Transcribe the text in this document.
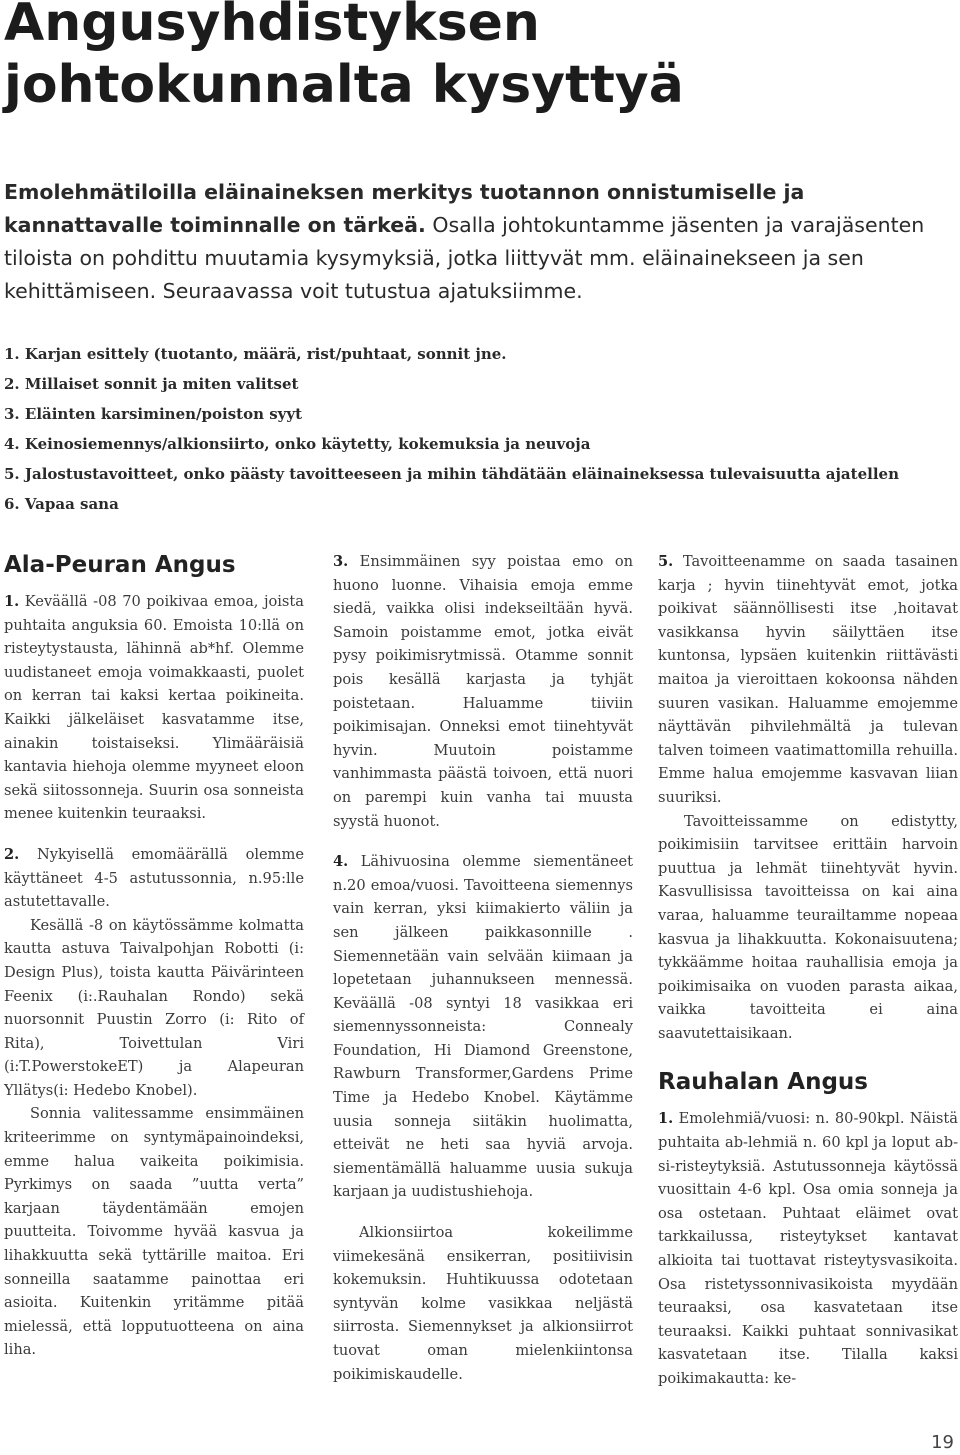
Angusyhdistyksen johtokunnalta kysyttyä

Emolehmätiloilla eläinaineksen merkitys tuotannon onnistumiselle ja kannattavalle toiminnalle on tärkeä. Osalla johtokuntamme jäsenten ja varajäsenten tiloista on pohdittu muutamia kysymyksiä, jotka liittyvät mm. eläinainekseen ja sen kehittämiseen. Seuraavassa voit tutustua ajatuksiimme.

1. Karjan esittely (tuotanto, määrä, rist/puhtaat, sonnit jne.
2. Millaiset sonnit ja miten valitset
3. Eläinten karsiminen/poiston syyt
4. Keinosiemennys/alkionsiirto, onko käytetty, kokemuksia ja neuvoja
5. Jalostustavoitteet, onko päästy tavoitteeseen ja mihin tähdätään eläinaineksessa tulevaisuutta ajatellen
6. Vapaa sana
Ala-Peuran Angus

1. Keväällä -08 70 poikivaa emoa, joista puhtaita anguksia 60. Emoista 10:llä on risteytystausta, lähinnä ab*hf. Olemme uudistaneet emoja voimakkaasti, puolet on kerran tai kaksi kertaa poikineita. Kaikki jälkeläiset kasvatamme itse, ainakin toistaiseksi. Ylimääräisiä kantavia hiehoja olemme myyneet eloon sekä siitossonneja. Suurin osa sonneista menee kuitenkin teuraaksi.

2. Nykyisellä emomäärällä olemme käyttäneet 4-5 astutussonnia, n.95:lle astutettavalle.

Kesällä -8 on käytössämme kolmatta kautta astuva Taivalpohjan Robotti (i: Design Plus), toista kautta Päivärinteen Feenix (i:.Rauhalan Rondo) sekä nuorsonnit Puustin Zorro (i: Rito of Rita), Toivettulan Viri (i:T.PowerstokeET) ja Alapeuran Yllätys(i: Hedebo Knobel).

Sonnia valitessamme ensimmäinen kriteerimme on syntymäpainoindeksi, emme halua vaikeita poikimisia. Pyrkimys on saada ”uutta verta” karjaan täydentämään emojen puutteita. Toivomme hyvää kasvua ja lihakkuutta sekä tyttärille maitoa. Eri sonneilla saatamme painottaa eri asioita. Kuitenkin yritämme pitää mielessä, että lopputuotteena on aina liha.

3. Ensimmäinen syy poistaa emo on huono luonne. Vihaisia emoja emme siedä, vaikka olisi indekseiltään hyvä. Samoin poistamme emot, jotka eivät pysy poikimisrytmissä. Otamme sonnit pois kesällä karjasta ja tyhjät poistetaan. Haluamme tiiviin poikimisajan. Onneksi emot tiinehtyvät hyvin. Muutoin poistamme vanhimmasta päästä toivoen, että nuori on parempi kuin vanha tai muusta syystä huonot.

4. Lähivuosina olemme siementäneet n.20 emoa/vuosi. Tavoitteena siemennys vain kerran, yksi kiimakierto väliin ja sen jälkeen paikkasonnille . Siemennetään vain selvään kiimaan ja lopetetaan juhannukseen mennessä. Keväällä -08 syntyi 18 vasikkaa eri siemennyssonneista: Connealy Foundation, Hi Diamond Greenstone, Rawburn Transformer,Gardens Prime Time ja Hedebo Knobel. Käytämme uusia sonneja siitäkin huolimatta, etteivät ne heti saa hyviä arvoja. siementämällä haluamme uusia sukuja karjaan ja uudistushiehoja.

Alkionsiirtoa kokeilimme viimekesänä ensikerran, positiivisin kokemuksin. Huhtikuussa odotetaan syntyvän kolme vasikkaa neljästä siirrosta. Siemennykset ja alkionsiirrot tuovat oman mielenkiintonsa poikimiskaudelle.

5. Tavoitteenamme on saada tasainen karja ; hyvin tiinehtyvät emot, jotka poikivat säännöllisesti itse ,hoitavat vasikkansa hyvin säilyttäen itse kuntonsa, lypsäen kuitenkin riittävästi maitoa ja vieroittaen kokoonsa nähden suuren vasikan. Haluamme emojemme näyttävän pihvilehmältä ja tulevan talven toimeen vaatimattomilla rehuilla. Emme halua emojemme kasvavan liian suuriksi.

Tavoitteissamme on edistytty, poikimisiin tarvitsee erittäin harvoin puuttua ja lehmät tiinehtyvät hyvin. Kasvullisissa tavoitteissa on kai aina varaa, haluamme teurailtamme nopeaa kasvua ja lihakkuutta. Kokonaisuutena; tykkäämme hoitaa rauhallisia emoja ja poikimisaika on vuoden parasta aikaa, vaikka tavoitteita ei aina saavutettaisikaan.

Rauhalan Angus

1. Emolehmiä/vuosi: n. 80-90kpl. Näistä puhtaita ab-lehmiä n. 60 kpl ja loput ab-si-risteytyksiä. Astutussonneja käytössä vuosittain 4-6 kpl. Osa omia sonneja ja osa ostetaan. Puhtaat eläimet ovat tarkkailussa, risteytykset kantavat alkioita tai tuottavat risteytysvasikoita. Osa ristetyssonnivasikoista myydään teuraaksi, osa kasvatetaan itse teuraaksi. Kaikki puhtaat sonnivasikat kasvatetaan itse. Tilalla kaksi poikimakautta: ke-

19
